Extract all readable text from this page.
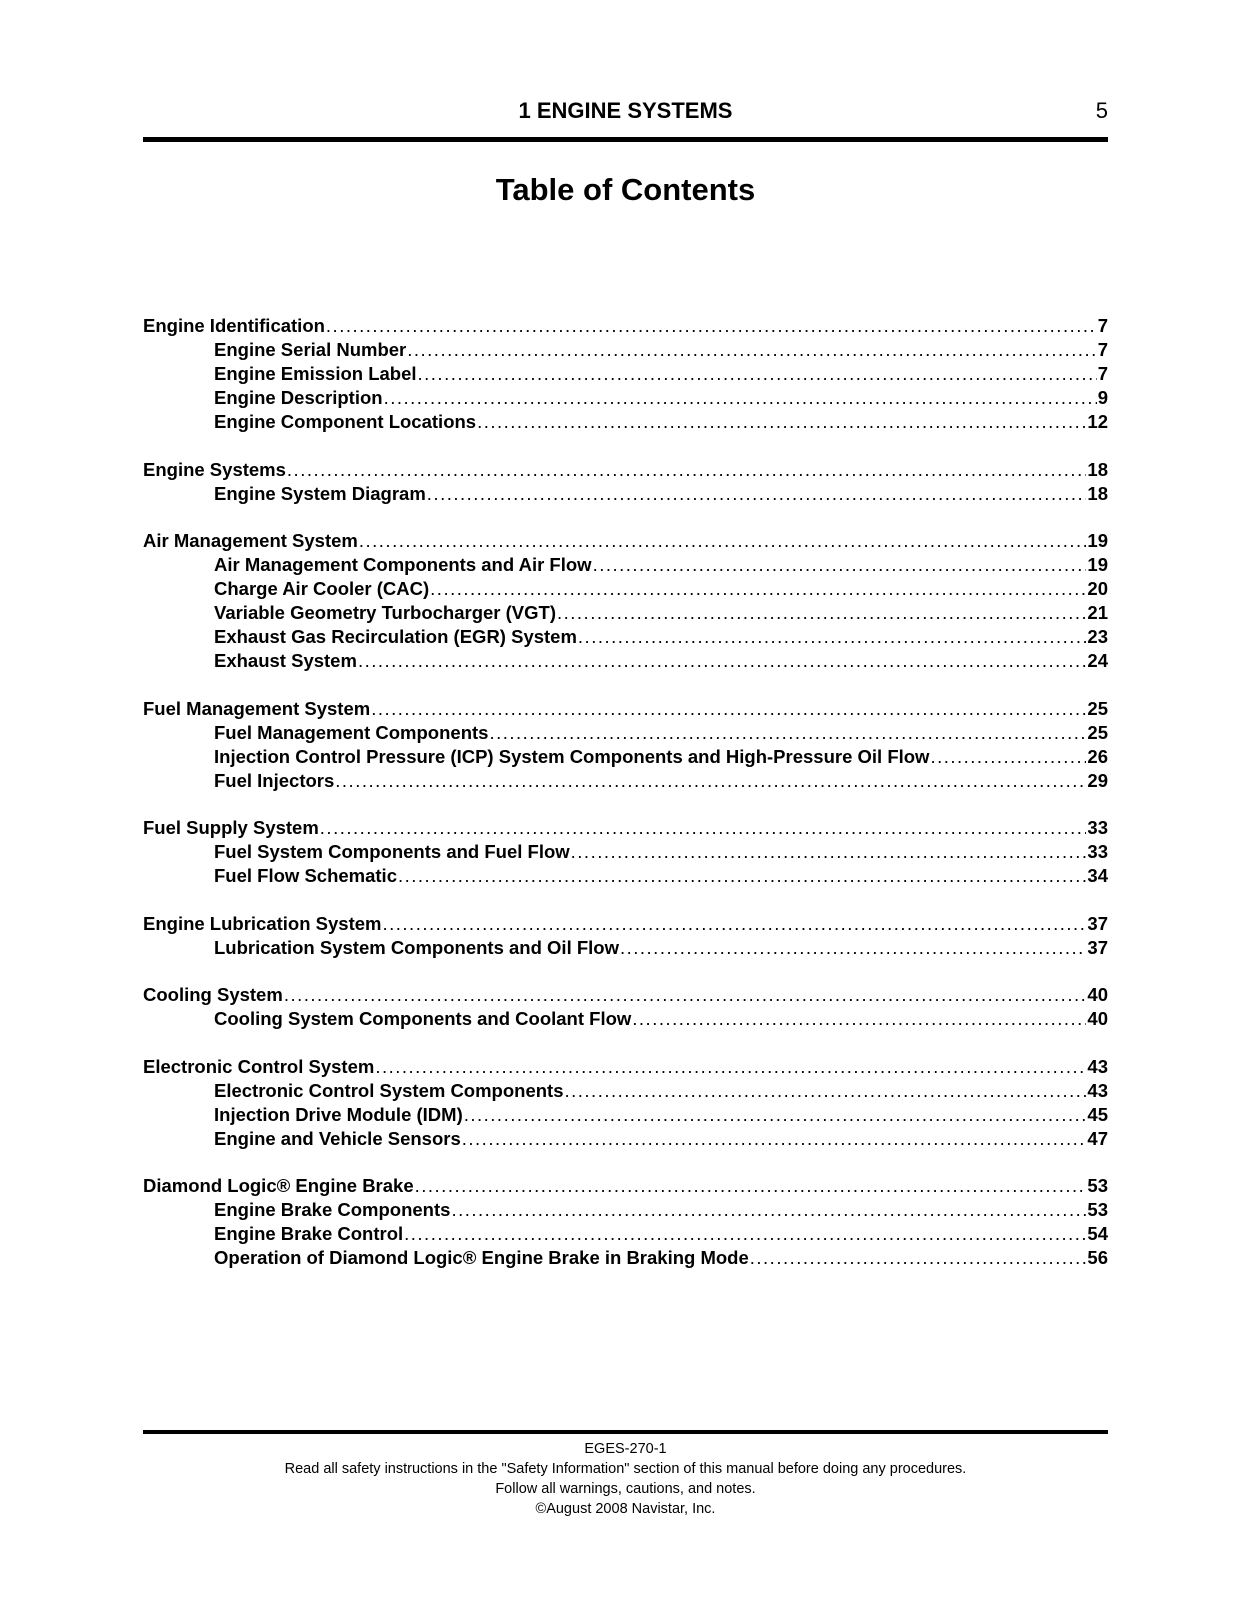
1 ENGINE SYSTEMS	5
Table of Contents
Engine Identification .....	7
Engine Serial Number .....	7
Engine Emission Label .....	7
Engine Description .....	9
Engine Component Locations .....	12
Engine Systems .....	18
Engine System Diagram .....	18
Air Management System .....	19
Air Management Components and Air Flow .....	19
Charge Air Cooler (CAC) .....	20
Variable Geometry Turbocharger (VGT) .....	21
Exhaust Gas Recirculation (EGR) System .....	23
Exhaust System .....	24
Fuel Management System .....	25
Fuel Management Components .....	25
Injection Control Pressure (ICP) System Components and High-Pressure Oil Flow .....	26
Fuel Injectors .....	29
Fuel Supply System .....	33
Fuel System Components and Fuel Flow .....	33
Fuel Flow Schematic .....	34
Engine Lubrication System .....	37
Lubrication System Components and Oil Flow .....	37
Cooling System .....	40
Cooling System Components and Coolant Flow .....	40
Electronic Control System .....	43
Electronic Control System Components .....	43
Injection Drive Module (IDM) .....	45
Engine and Vehicle Sensors .....	47
Diamond Logic® Engine Brake .....	53
Engine Brake Components .....	53
Engine Brake Control .....	54
Operation of Diamond Logic® Engine Brake in Braking Mode .....	56
EGES-270-1
Read all safety instructions in the "Safety Information" section of this manual before doing any procedures.
Follow all warnings, cautions, and notes.
©August 2008 Navistar, Inc.
